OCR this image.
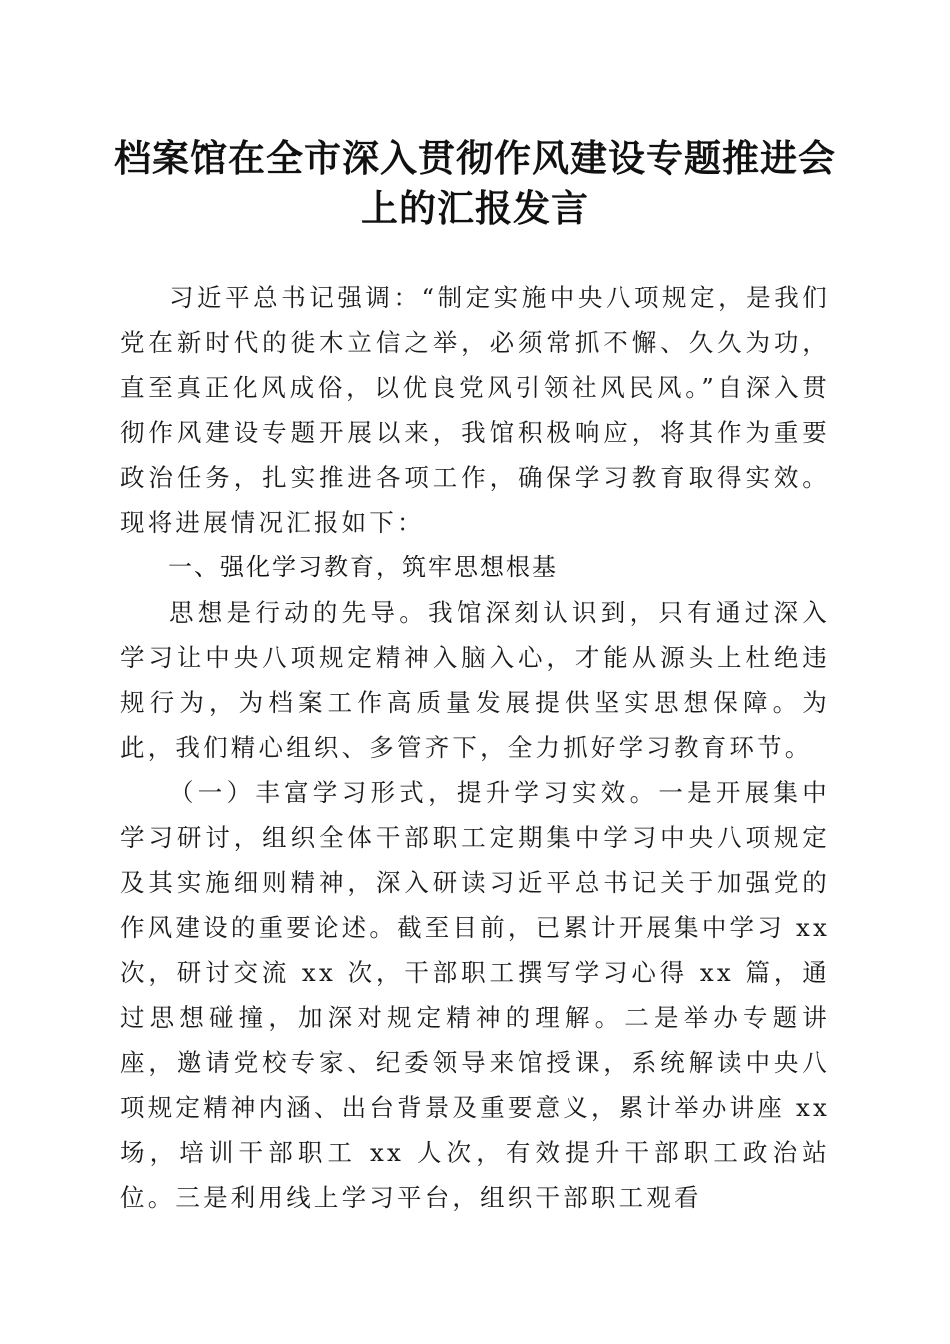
档案馆在全市深入贯彻作风建设专题推进会上的汇报发言

习近平总书记强调：“制定实施中央八项规定，是我们党在新时代的徙木立信之举，必须常抓不懈、久久为功，直至真正化风成俗，以优良党风引领社风民风。”自深入贯彻作风建设专题开展以来，我馆积极响应，将其作为重要政治任务，扎实推进各项工作，确保学习教育取得实效。现将进展情况汇报如下：

一、强化学习教育，筑牢思想根基

思想是行动的先导。我馆深刻认识到，只有通过深入学习让中央八项规定精神入脑入心，才能从源头上杜绝违规行为，为档案工作高质量发展提供坚实思想保障。为此，我们精心组织、多管齐下，全力抓好学习教育环节。

（一）丰富学习形式，提升学习实效。一是开展集中学习研讨，组织全体干部职工定期集中学习中央八项规定及其实施细则精神，深入研读习近平总书记关于加强党的作风建设的重要论述。截至目前，已累计开展集中学习 xx 次，研讨交流 xx 次，干部职工撰写学习心得 xx 篇，通过思想碰撞，加深对规定精神的理解。二是举办专题讲座，邀请党校专家、纪委领导来馆授课，系统解读中央八项规定精神内涵、出台背景及重要意义，累计举办讲座 xx 场，培训干部职工 xx 人次，有效提升干部职工政治站位。三是利用线上学习平台，组织干部职工观看
